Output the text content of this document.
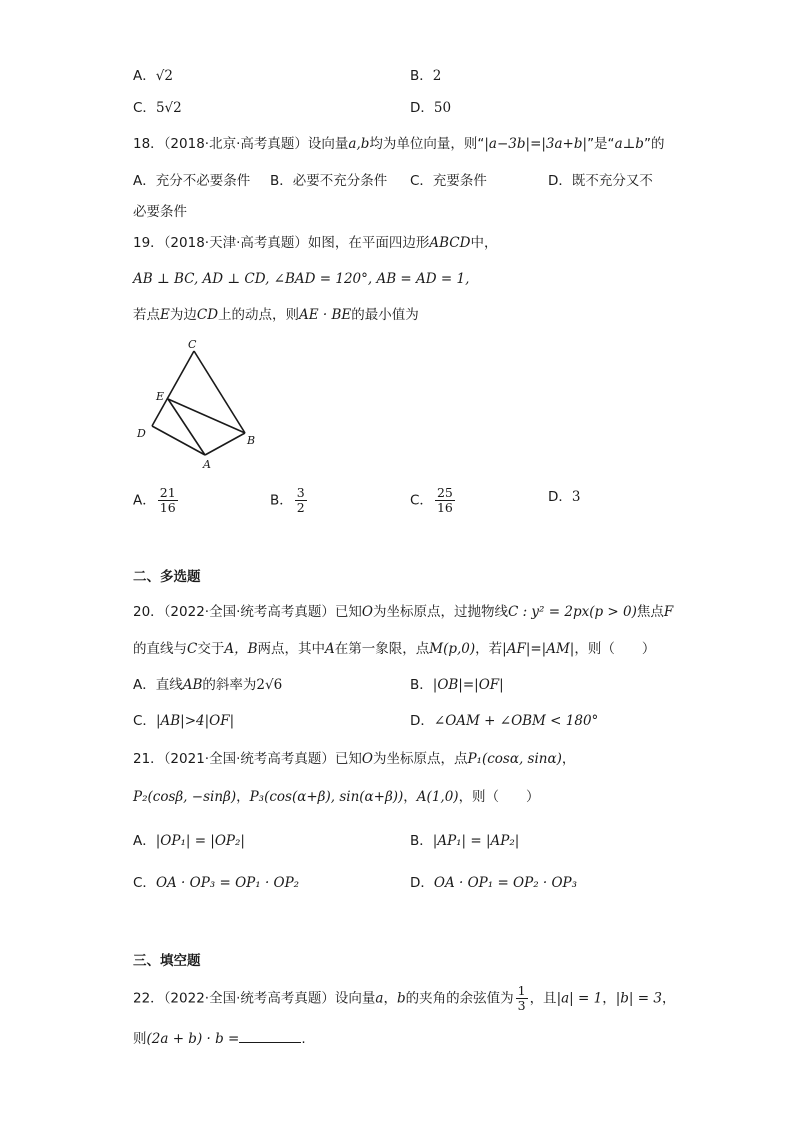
A．√2	B．2
C．5√2	D．50
18．（2018·北京·高考真题）设向量a,b均为单位向量，则“|a−3b|=|3a+b|”是“a⊥b”的
A．充分不必要条件 B．必要不充分条件 C．充要条件	D．既不充分又不
必要条件
19．（2018·天津·高考真题）如图，在平面四边形ABCD中，
AB ⊥ BC, AD ⊥ CD, ∠BAD = 120°, AB = AD = 1,
若点E为边CD上的动点，则AE · BE的最小值为
C
E
D
B
A
A． $\frac{21}{16}$	B． $\frac{3}{2}$	C． $\frac{25}{16}$	D．3
二、多选题
20．（2022·全国·统考高考真题）已知O为坐标原点，过抛物线C : y² = 2px(p > 0)焦点F
的直线与C交于A，B两点，其中A在第一象限，点M(p,0)，若|AF|=|AM|，则（　　）
A．直线AB的斜率为2√6	B．|OB|=|OF|
C．|AB|>4|OF|	D．∠OAM + ∠OBM < 180°
21．（2021·全国·统考高考真题）已知O为坐标原点，点P₁(cosα, sinα)，
P₂(cosβ, −sinβ)，P₃(cos(α+β), sin(α+β))，A(1,0)，则（　　）
A．|OP₁| = |OP₂|	B．|AP₁| = |AP₂|
C．OA · OP₃ = OP₁ · OP₂	D．OA · OP₁ = OP₂ · OP₃
三、填空题
22．（2022·全国·统考高考真题）设向量a，b的夹角的余弦值为 $\frac{1}{3}$ ，且|a| = 1，|b| = 3，
则(2a + b) · b =	.
